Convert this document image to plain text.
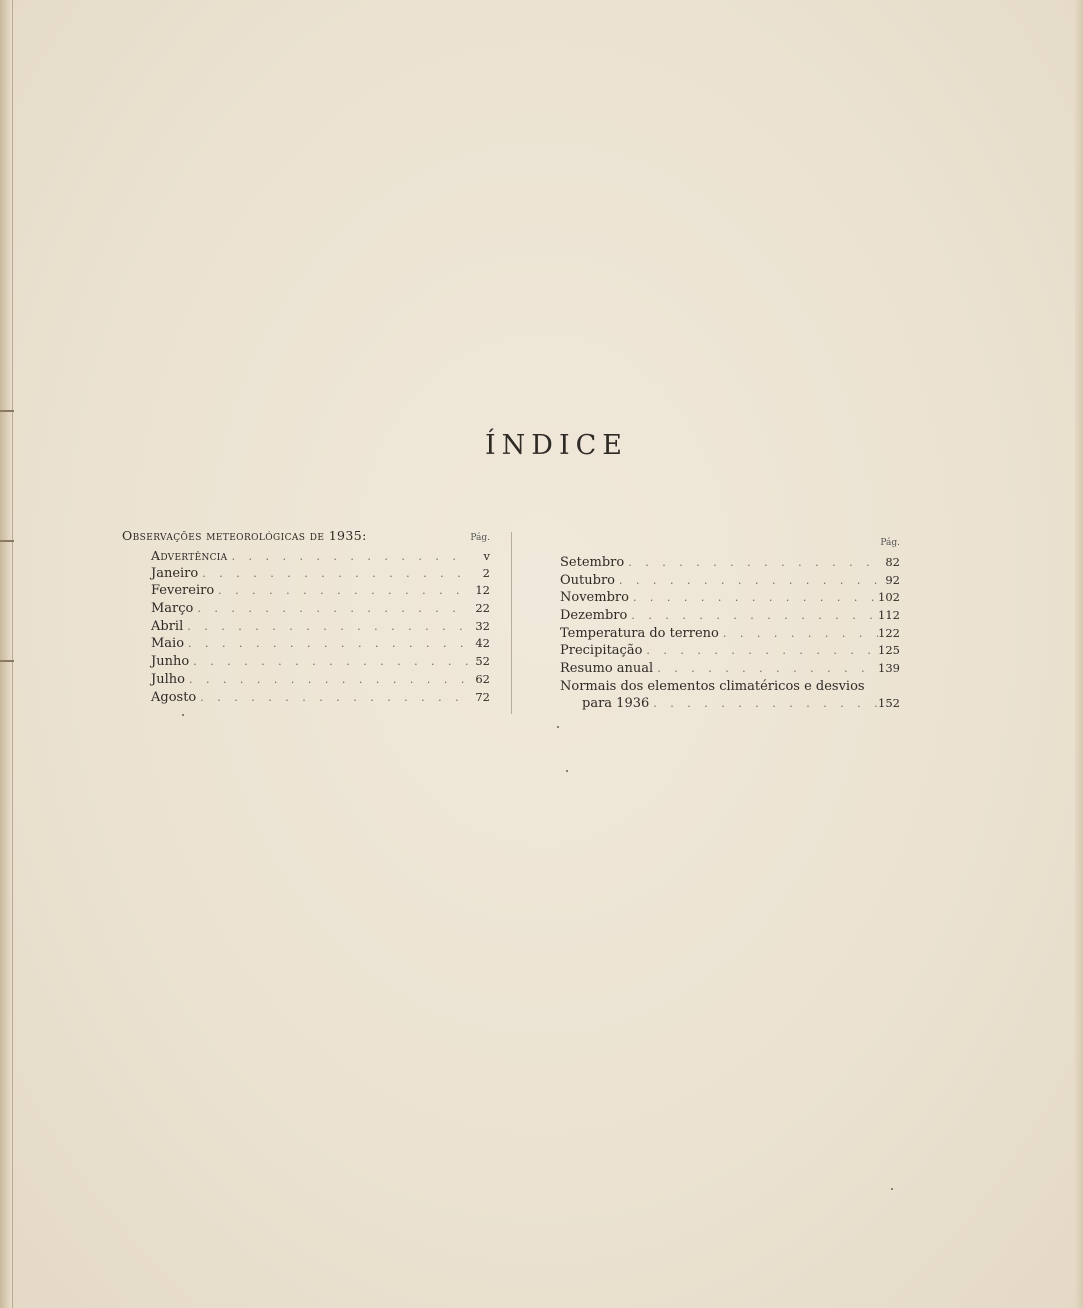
ÍNDICE
Observações meteorológicas de 1935:	Pág.
Advertência . . .	v
Janeiro . . .	2
Fevereiro . . .	12
Março . . .	22
Abril . . .	32
Maio . . .	42
Junho . . .	52
Julho . . .	62
Agosto . . .	72
Pág.
Setembro . . .	82
Outubro . . .	92
Novembro . . .	102
Dezembro . . .	112
Temperatura do terreno . . .	122
Precipitação . . .	125
Resumo anual . . .	139
Normais dos elementos climatéricos e desvios
para 1936 . . .	152
